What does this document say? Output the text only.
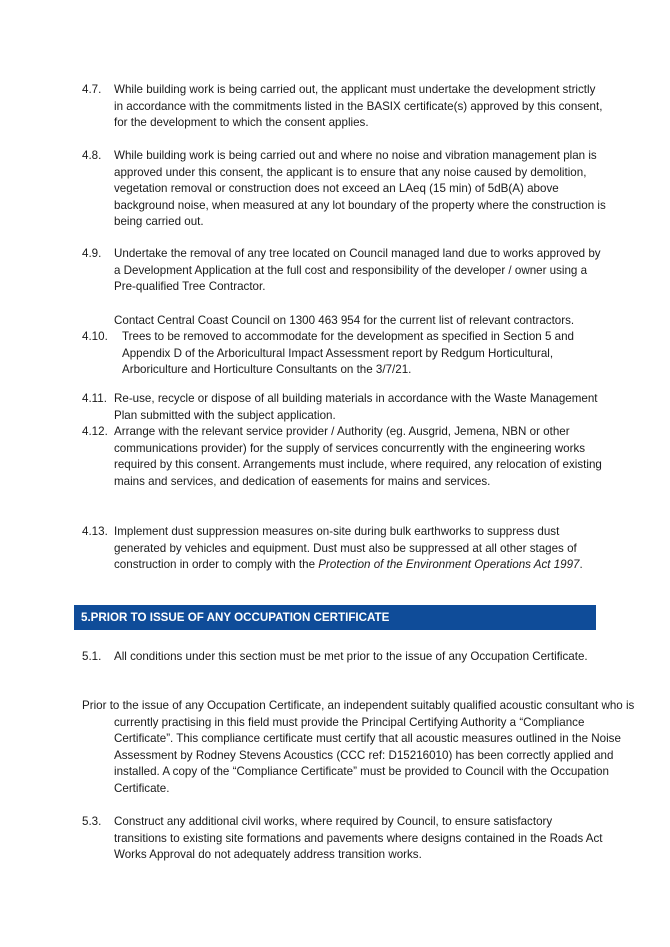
4.7.	While building work is being carried out, the applicant must undertake the development strictly in accordance with the commitments listed in the BASIX certificate(s) approved by this consent, for the development to which the consent applies.
4.8.	While building work is being carried out and where no noise and vibration management plan is approved under this consent, the applicant is to ensure that any noise caused by demolition, vegetation removal or construction does not exceed an LAeq (15 min) of 5dB(A) above background noise, when measured at any lot boundary of the property where the construction is being carried out.
4.9.	Undertake the removal of any tree located on Council managed land due to works approved by a Development Application at the full cost and responsibility of the developer / owner using a Pre-qualified Tree Contractor.
Contact Central Coast Council on 1300 463 954 for the current list of relevant contractors.
4.10.	Trees to be removed to accommodate for the development as specified in Section 5 and Appendix D of the Arboricultural Impact Assessment report by Redgum Horticultural, Arboriculture and Horticulture Consultants on the 3/7/21.
4.11. Re-use, recycle or dispose of all building materials in accordance with the Waste Management Plan submitted with the subject application.
4.12. Arrange with the relevant service provider / Authority (eg. Ausgrid, Jemena, NBN or other communications provider) for the supply of services concurrently with the engineering works required by this consent. Arrangements must include, where required, any relocation of existing mains and services, and dedication of easements for mains and services.
4.13. Implement dust suppression measures on-site during bulk earthworks to suppress dust generated by vehicles and equipment. Dust must also be suppressed at all other stages of construction in order to comply with the Protection of the Environment Operations Act 1997.
5.PRIOR TO ISSUE OF ANY OCCUPATION CERTIFICATE
5.1.	All conditions under this section must be met prior to the issue of any Occupation Certificate.
Prior to the issue of any Occupation Certificate, an independent suitably qualified acoustic consultant who is currently practising in this field must provide the Principal Certifying Authority a “Compliance Certificate”. This compliance certificate must certify that all acoustic measures outlined in the Noise Assessment by Rodney Stevens Acoustics (CCC ref: D15216010) has been correctly applied and installed. A copy of the “Compliance Certificate” must be provided to Council with the Occupation Certificate.
5.3.	Construct any additional civil works, where required by Council, to ensure satisfactory transitions to existing site formations and pavements where designs contained in the Roads Act Works Approval do not adequately address transition works.
